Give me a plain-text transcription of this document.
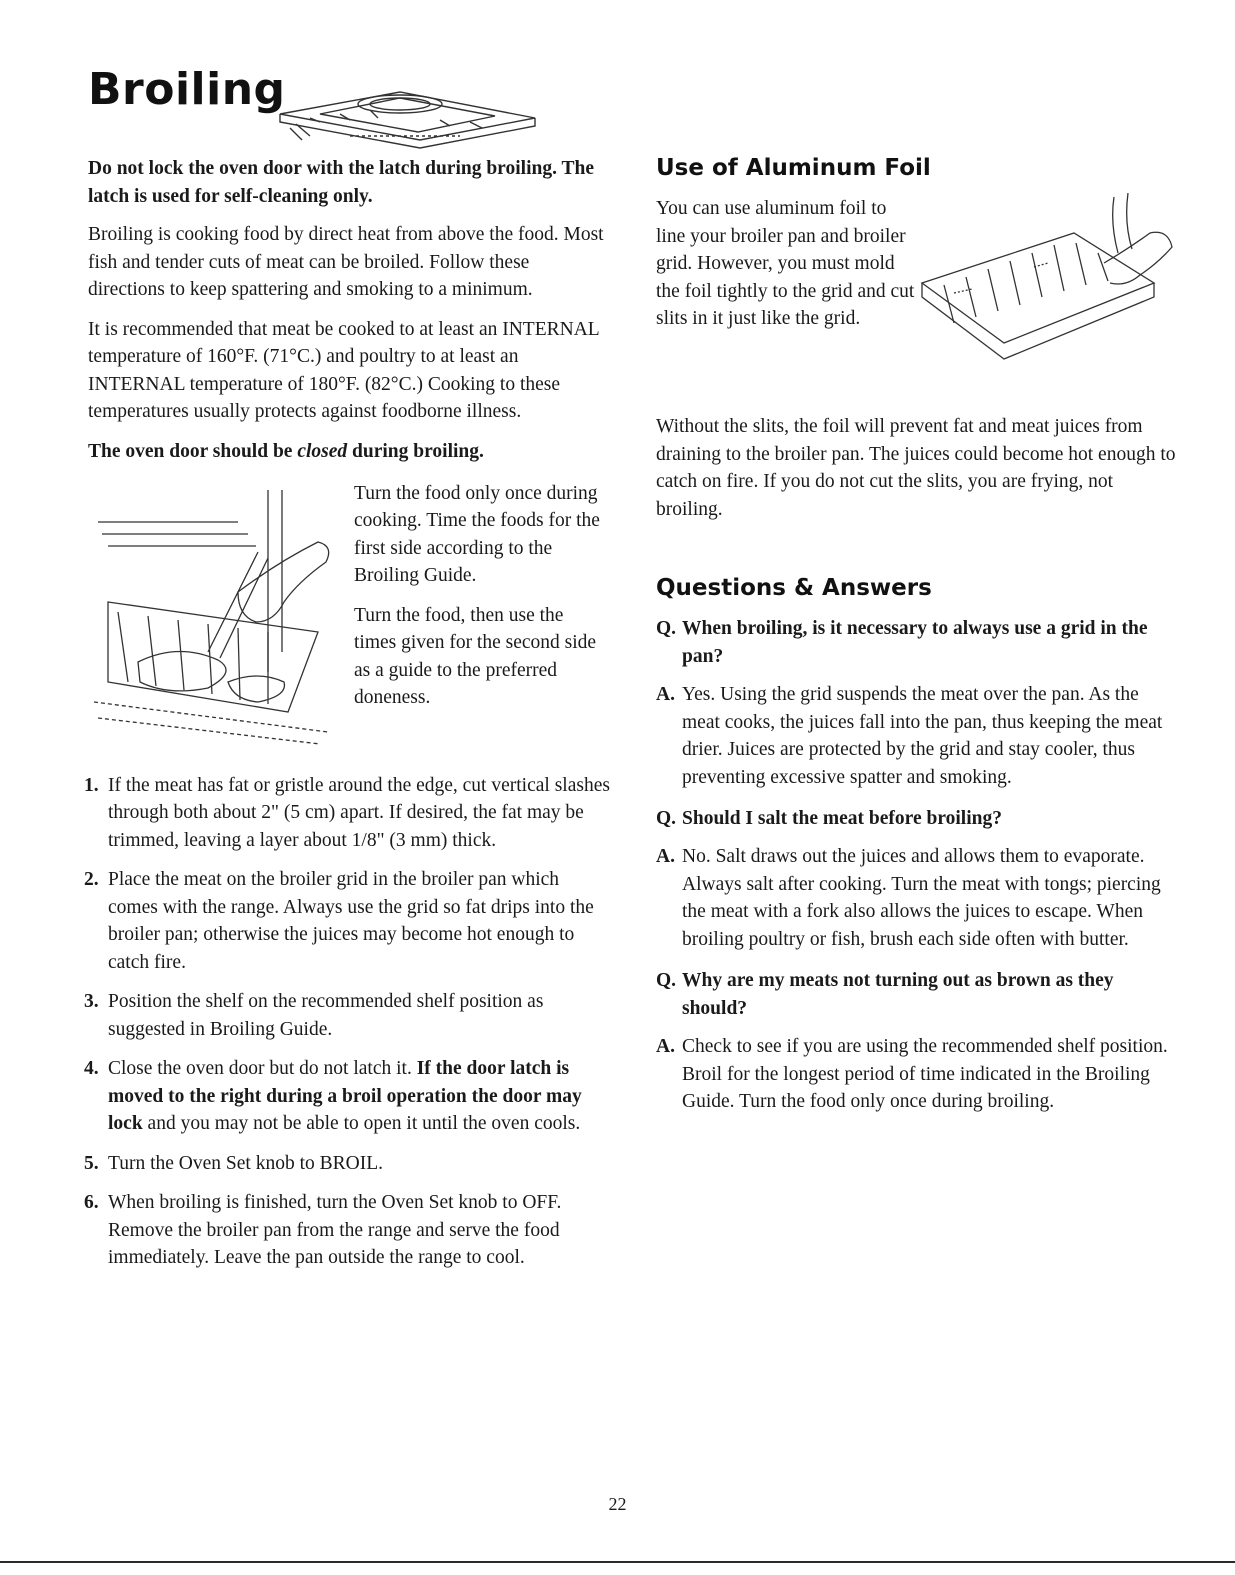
Broiling

Do not lock the oven door with the latch during broiling. The latch is used for self-cleaning only.

Broiling is cooking food by direct heat from above the food. Most fish and tender cuts of meat can be broiled. Follow these directions to keep spattering and smoking to a minimum.

It is recommended that meat be cooked to at least an INTERNAL temperature of 160°F. (71°C.) and poultry to at least an INTERNAL temperature of 180°F. (82°C.) Cooking to these temperatures usually protects against foodborne illness.

The oven door should be closed during broiling.

Turn the food only once during cooking. Time the foods for the first side according to the Broiling Guide.

Turn the food, then use the times given for the second side as a guide to the preferred doneness.

1. If the meat has fat or gristle around the edge, cut vertical slashes through both about 2" (5 cm) apart. If desired, the fat may be trimmed, leaving a layer about 1/8" (3 mm) thick.
2. Place the meat on the broiler grid in the broiler pan which comes with the range. Always use the grid so fat drips into the broiler pan; otherwise the juices may become hot enough to catch fire.
3. Position the shelf on the recommended shelf position as suggested in Broiling Guide.
4. Close the oven door but do not latch it. If the door latch is moved to the right during a broil operation the door may lock and you may not be able to open it until the oven cools.
5. Turn the Oven Set knob to BROIL.
6. When broiling is finished, turn the Oven Set knob to OFF. Remove the broiler pan from the range and serve the food immediately. Leave the pan outside the range to cool.
Use of Aluminum Foil

You can use aluminum foil to line your broiler pan and broiler grid. However, you must mold the foil tightly to the grid and cut slits in it just like the grid.

Without the slits, the foil will prevent fat and meat juices from draining to the broiler pan. The juices could become hot enough to catch on fire. If you do not cut the slits, you are frying, not broiling.

Questions & Answers

Q. When broiling, is it necessary to always use a grid in the pan?

A. Yes. Using the grid suspends the meat over the pan. As the meat cooks, the juices fall into the pan, thus keeping the meat drier. Juices are protected by the grid and stay cooler, thus preventing excessive spatter and smoking.

Q. Should I salt the meat before broiling?

A. No. Salt draws out the juices and allows them to evaporate. Always salt after cooking. Turn the meat with tongs; piercing the meat with a fork also allows the juices to escape. When broiling poultry or fish, brush each side often with butter.

Q. Why are my meats not turning out as brown as they should?

A. Check to see if you are using the recommended shelf position. Broil for the longest period of time indicated in the Broiling Guide. Turn the food only once during broiling.

22
